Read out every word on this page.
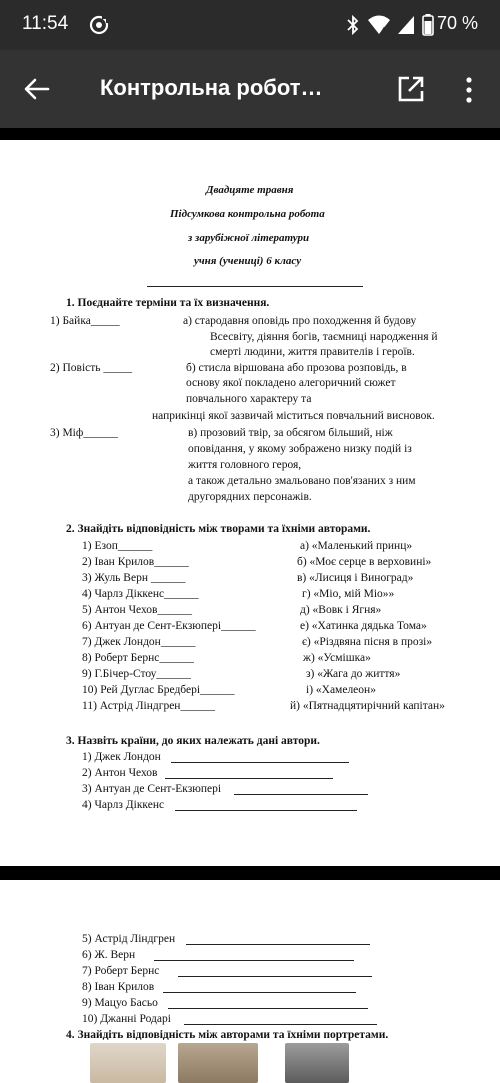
11:54	4	70 %
Контрольна робот…
Двадцяте травня
Підсумкова контрольна робота
з зарубіжної літератури
учня (учениці) 6 класу
1. Поєднайте терміни та їх визначення.
1) Байка_____
2) Повість _____
3) Міф______
а) стародавня оповідь про походження й будову
Всесвіту, діяння богів, таємниці народження й
смерті людини, життя правителів і героїв.
б) стисла віршована або прозова розповідь, в
основу якої покладено алегоричний сюжет
повчального характеру та
наприкінці якої зазвичай міститься повчальний висновок.
в) прозовий твір, за обсягом більший, ніж
оповідання, у якому зображено низку подій із
життя головного героя,
а також детально змальовано пов'язаних з ним
другорядних персонажів.
2. Знайдіть відповідність між творами та їхніми авторами.
1) Езоп______
2) Іван Крилов______
3) Жуль Верн ______
4) Чарлз Діккенс______
5) Антон Чехов______
6) Антуан де Сент-Екзюпері______
7) Джек Лондон______
8) Роберт Бернс______
9) Г.Бічер-Стоу______
10) Рей Дуглас Бредбері______
11) Астрід Ліндгрен______
а) «Маленький принц»
б) «Моє серце в верховині»
в) «Лисиця і Виноград»
г) «Міо, мій Міо»»
д) «Вовк і Ягня»
е) «Хатинка дядька Тома»
є) «Різдвяна пісня в прозі»
ж) «Усмішка»
з) «Жага до життя»
і) «Хамелеон»
й) «Пятнадцятирічний капітан»
3. Назвіть країни, до яких належать дані автори.
1) Джек Лондон
2) Антон Чехов
3) Антуан де Сент-Екзюпері
4) Чарлз Діккенс
5) Астрід Ліндгрен
6) Ж. Верн
7) Роберт Бернс
8) Іван Крилов
9) Мацуо Басьо
10) Джанні Родарі
4. Знайдіть відповідність між авторами та їхніми портретами.
